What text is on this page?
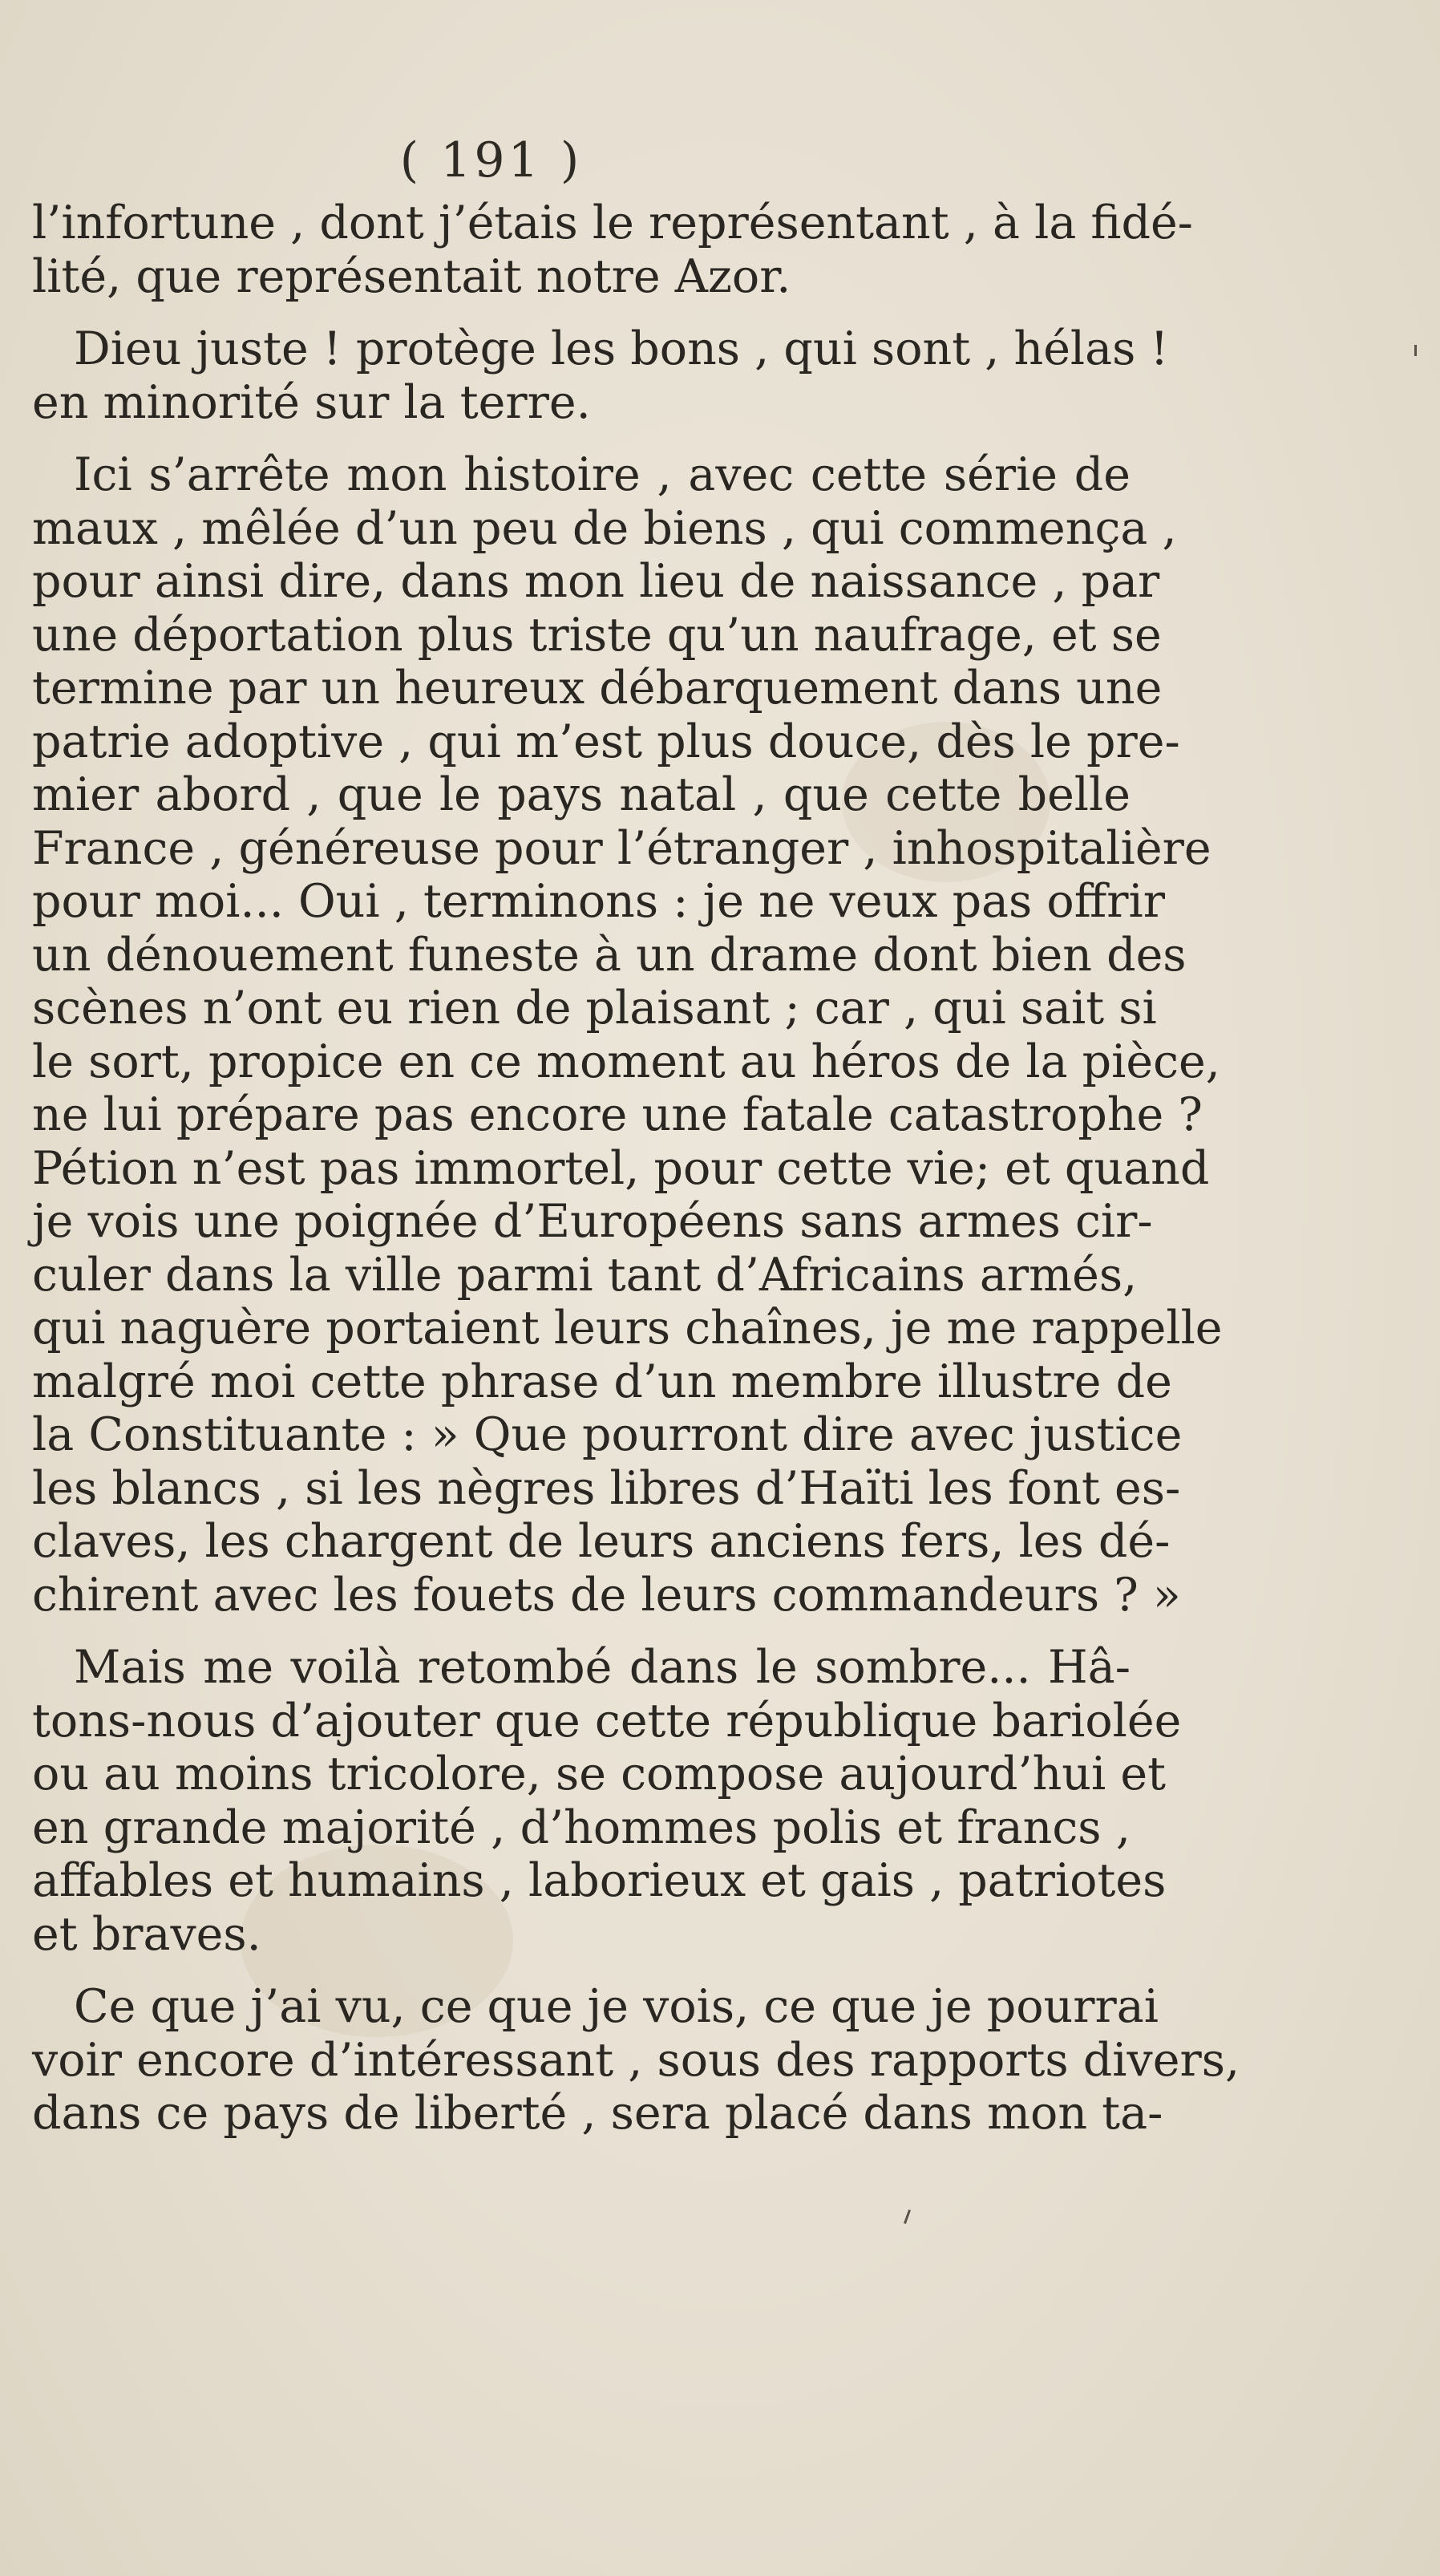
( 191 )
l’infortune , dont j’étais le représentant , à la fidé-
lité, que représentait notre Azor.
Dieu juste ! protège les bons , qui sont , hélas !
en minorité sur la terre.
Ici s’arrête mon histoire , avec cette série de
maux , mêlée d’un peu de biens , qui commença ,
pour ainsi dire, dans mon lieu de naissance , par
une déportation plus triste qu’un naufrage, et se
termine par un heureux débarquement dans une
patrie adoptive , qui m’est plus douce, dès le pre-
mier abord , que le pays natal , que cette belle
France , généreuse pour l’étranger , inhospitalière
pour moi... Oui , terminons : je ne veux pas offrir
un dénouement funeste à un drame dont bien des
scènes n’ont eu rien de plaisant ; car , qui sait si
le sort, propice en ce moment au héros de la pièce,
ne lui prépare pas encore une fatale catastrophe ?
Pétion n’est pas immortel, pour cette vie; et quand
je vois une poignée d’Européens sans armes cir-
culer dans la ville parmi tant d’Africains armés,
qui naguère portaient leurs chaînes, je me rappelle
malgré moi cette phrase d’un membre illustre de
la Constituante : » Que pourront dire avec justice
les blancs , si les nègres libres d’Haïti les font es-
claves, les chargent de leurs anciens fers, les dé-
chirent avec les fouets de leurs commandeurs ? »
Mais me voilà retombé dans le sombre... Hâ-
tons-nous d’ajouter que cette république bariolée
ou au moins tricolore, se compose aujourd’hui et
en grande majorité , d’hommes polis et francs ,
affables et humains , laborieux et gais , patriotes
et braves.
Ce que j’ai vu, ce que je vois, ce que je pourrai
voir encore d’intéressant , sous des rapports divers,
dans ce pays de liberté , sera placé dans mon ta-
